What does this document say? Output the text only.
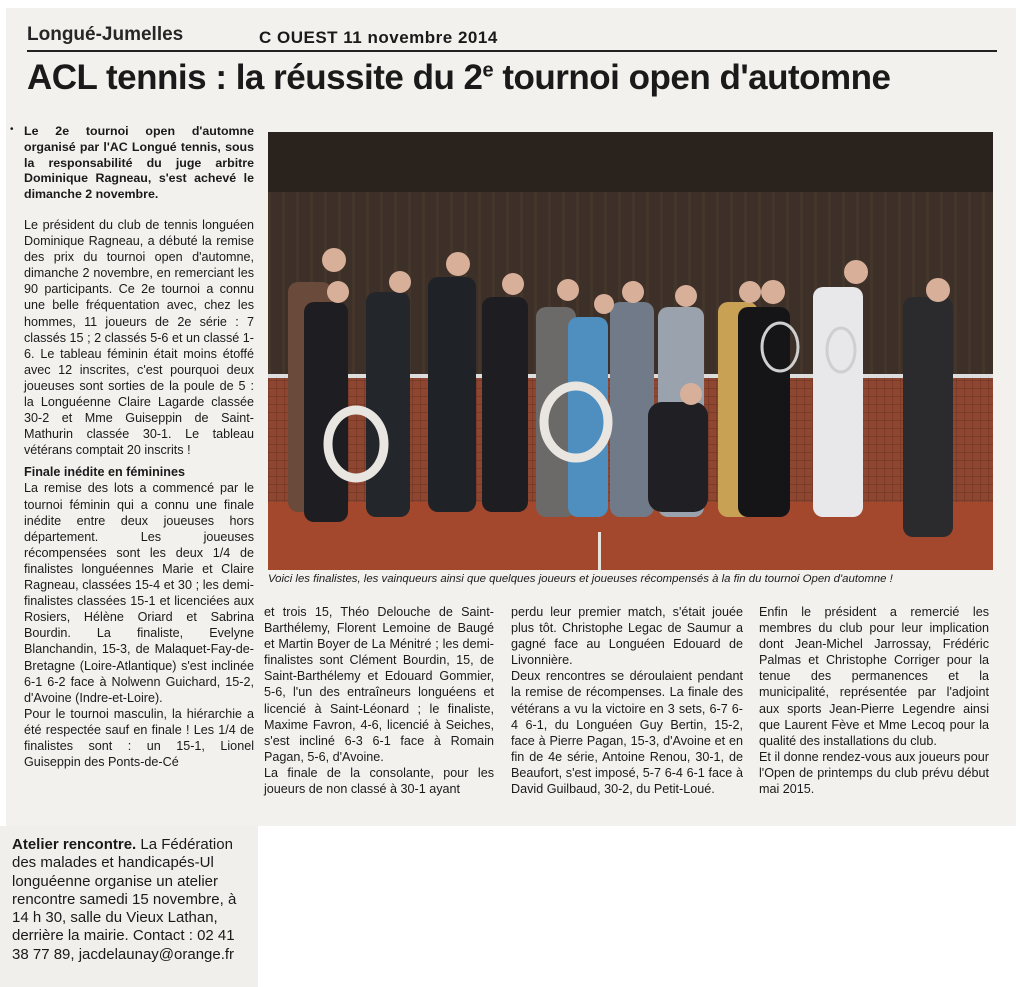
Longué-Jumelles	C OUEST 11 novembre 2014
ACL tennis : la réussite du 2e tournoi open d'automne
• Le 2e tournoi open d'automne organisé par l'AC Longué tennis, sous la responsabilité du juge arbitre Dominique Ragneau, s'est achevé le dimanche 2 novembre.

Le président du club de tennis longuéen Dominique Ragneau, a débuté la remise des prix du tournoi open d'automne, dimanche 2 novembre, en remerciant les 90 participants. Ce 2e tournoi a connu une belle fréquentation avec, chez les hommes, 11 joueurs de 2e série : 7 classés 15 ; 2 classés 5-6 et un classé 1-6. Le tableau féminin était moins étoffé avec 12 inscrites, c'est pourquoi deux joueuses sont sorties de la poule de 5 : la Longuéenne Claire Lagarde classée 30-2 et Mme Guiseppin de Saint-Mathurin classée 30-1. Le tableau vétérans comptait 20 inscrits !

Finale inédite en féminines

La remise des lots a commencé par le tournoi féminin qui a connu une finale inédite entre deux joueuses hors département. Les joueuses récompensées sont les deux 1/4 de finalistes longuéennes Marie et Claire Ragneau, classées 15-4 et 30 ; les demi-finalistes classées 15-1 et licenciées aux Rosiers, Hélène Oriard et Sabrina Bourdin. La finaliste, Evelyne Blanchandin, 15-3, de Malaquet-Fay-de-Bretagne (Loire-Atlantique) s'est inclinée 6-1 6-2 face à Nolwenn Guichard, 15-2, d'Avoine (Indre-et-Loire).

Pour le tournoi masculin, la hiérarchie a été respectée sauf en finale ! Les 1/4 de finalistes sont : un 15-1, Lionel Guiseppin des Ponts-de-Cé

Voici les finalistes, les vainqueurs ainsi que quelques joueurs et joueuses récompensés à la fin du tournoi Open d'automne !

et trois 15, Théo Delouche de Saint-Barthélemy, Florent Lemoine de Baugé et Martin Boyer de La Ménitré ; les demi-finalistes sont Clément Bourdin, 15, de Saint-Barthélemy et Edouard Gommier, 5-6, l'un des entraîneurs longuéens et licencié à Saint-Léonard ; le finaliste, Maxime Favron, 4-6, licencié à Seiches, s'est incliné 6-3 6-1 face à Romain Pagan, 5-6, d'Avoine.

La finale de la consolante, pour les joueurs de non classé à 30-1 ayant

perdu leur premier match, s'était jouée plus tôt. Christophe Legac de Saumur a gagné face au Longuéen Edouard de Livonnière.

Deux rencontres se déroulaient pendant la remise de récompenses. La finale des vétérans a vu la victoire en 3 sets, 6-7 6-4 6-1, du Longuéen Guy Bertin, 15-2, face à Pierre Pagan, 15-3, d'Avoine et en fin de 4e série, Antoine Renou, 30-1, de Beaufort, s'est imposé, 5-7 6-4 6-1 face à David Guilbaud, 30-2, du Petit-Loué.

Enfin le président a remercié les membres du club pour leur implication dont Jean-Michel Jarrossay, Frédéric Palmas et Christophe Corriger pour la tenue des permanences et la municipalité, représentée par l'adjoint aux sports Jean-Pierre Legendre ainsi que Laurent Fève et Mme Lecoq pour la qualité des installations du club.

Et il donne rendez-vous aux joueurs pour l'Open de printemps du club prévu début mai 2015.

Atelier rencontre. La Fédération des malades et handicapés-Ul longuéenne organise un atelier rencontre samedi 15 novembre, à 14 h 30, salle du Vieux Lathan, derrière la mairie. Contact : 02 41 38 77 89, jacdelaunay@orange.fr
